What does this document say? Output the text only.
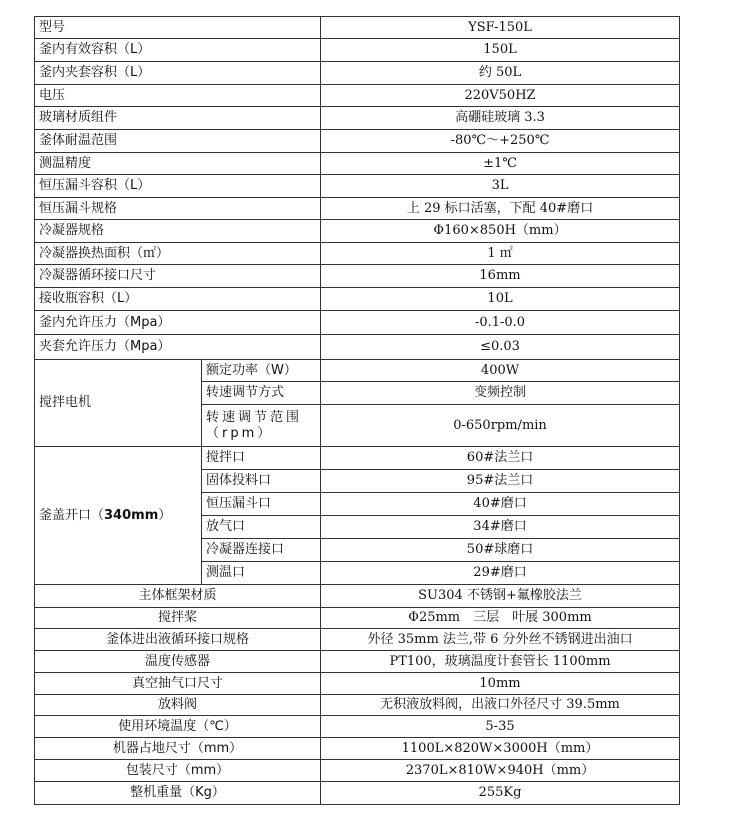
型号		YSF-150L
釜内有效容积（L）		150L
釜内夹套容积（L）		约 50L
电压		220V50HZ
玻璃材质组件		高硼硅玻璃 3.3
釜体耐温范围		-80℃～+250℃
测温精度		±1℃
恒压漏斗容积（L）		3L
恒压漏斗规格		上 29 标口活塞，下配 40#磨口
冷凝器规格		Φ160×850H（mm）
冷凝器换热面积（㎡）		1 ㎡
冷凝器循环接口尺寸		16mm
接收瓶容积（L）		10L
釜内允许压力（Mpa）		-0.1-0.0
夹套允许压力（Mpa）		≤0.03
搅拌电机	额定功率（W）	400W
	转速调节方式	变频控制
	转速调节范围（rpm）	0-650rpm/min
釜盖开口（340mm）	搅拌口	60#法兰口
	固体投料口	95#法兰口
	恒压漏斗口	40#磨口
	放气口	34#磨口
	冷凝器连接口	50#球磨口
	测温口	29#磨口
主体框架材质		SU304 不锈钢+氟橡胶法兰
搅拌桨		Φ25mm　三层　叶展 300mm
釜体进出液循环接口规格		外径 35mm 法兰,带 6 分外丝不锈钢进出油口
温度传感器		PT100，玻璃温度计套管长 1100mm
真空抽气口尺寸		10mm
放料阀		无积液放料阀，出液口外径尺寸 39.5mm
使用环境温度（℃）		5-35
机器占地尺寸（mm）		1100L×820W×3000H（mm）
包装尺寸（mm）		2370L×810W×940H（mm）
整机重量（Kg）		255Kg
